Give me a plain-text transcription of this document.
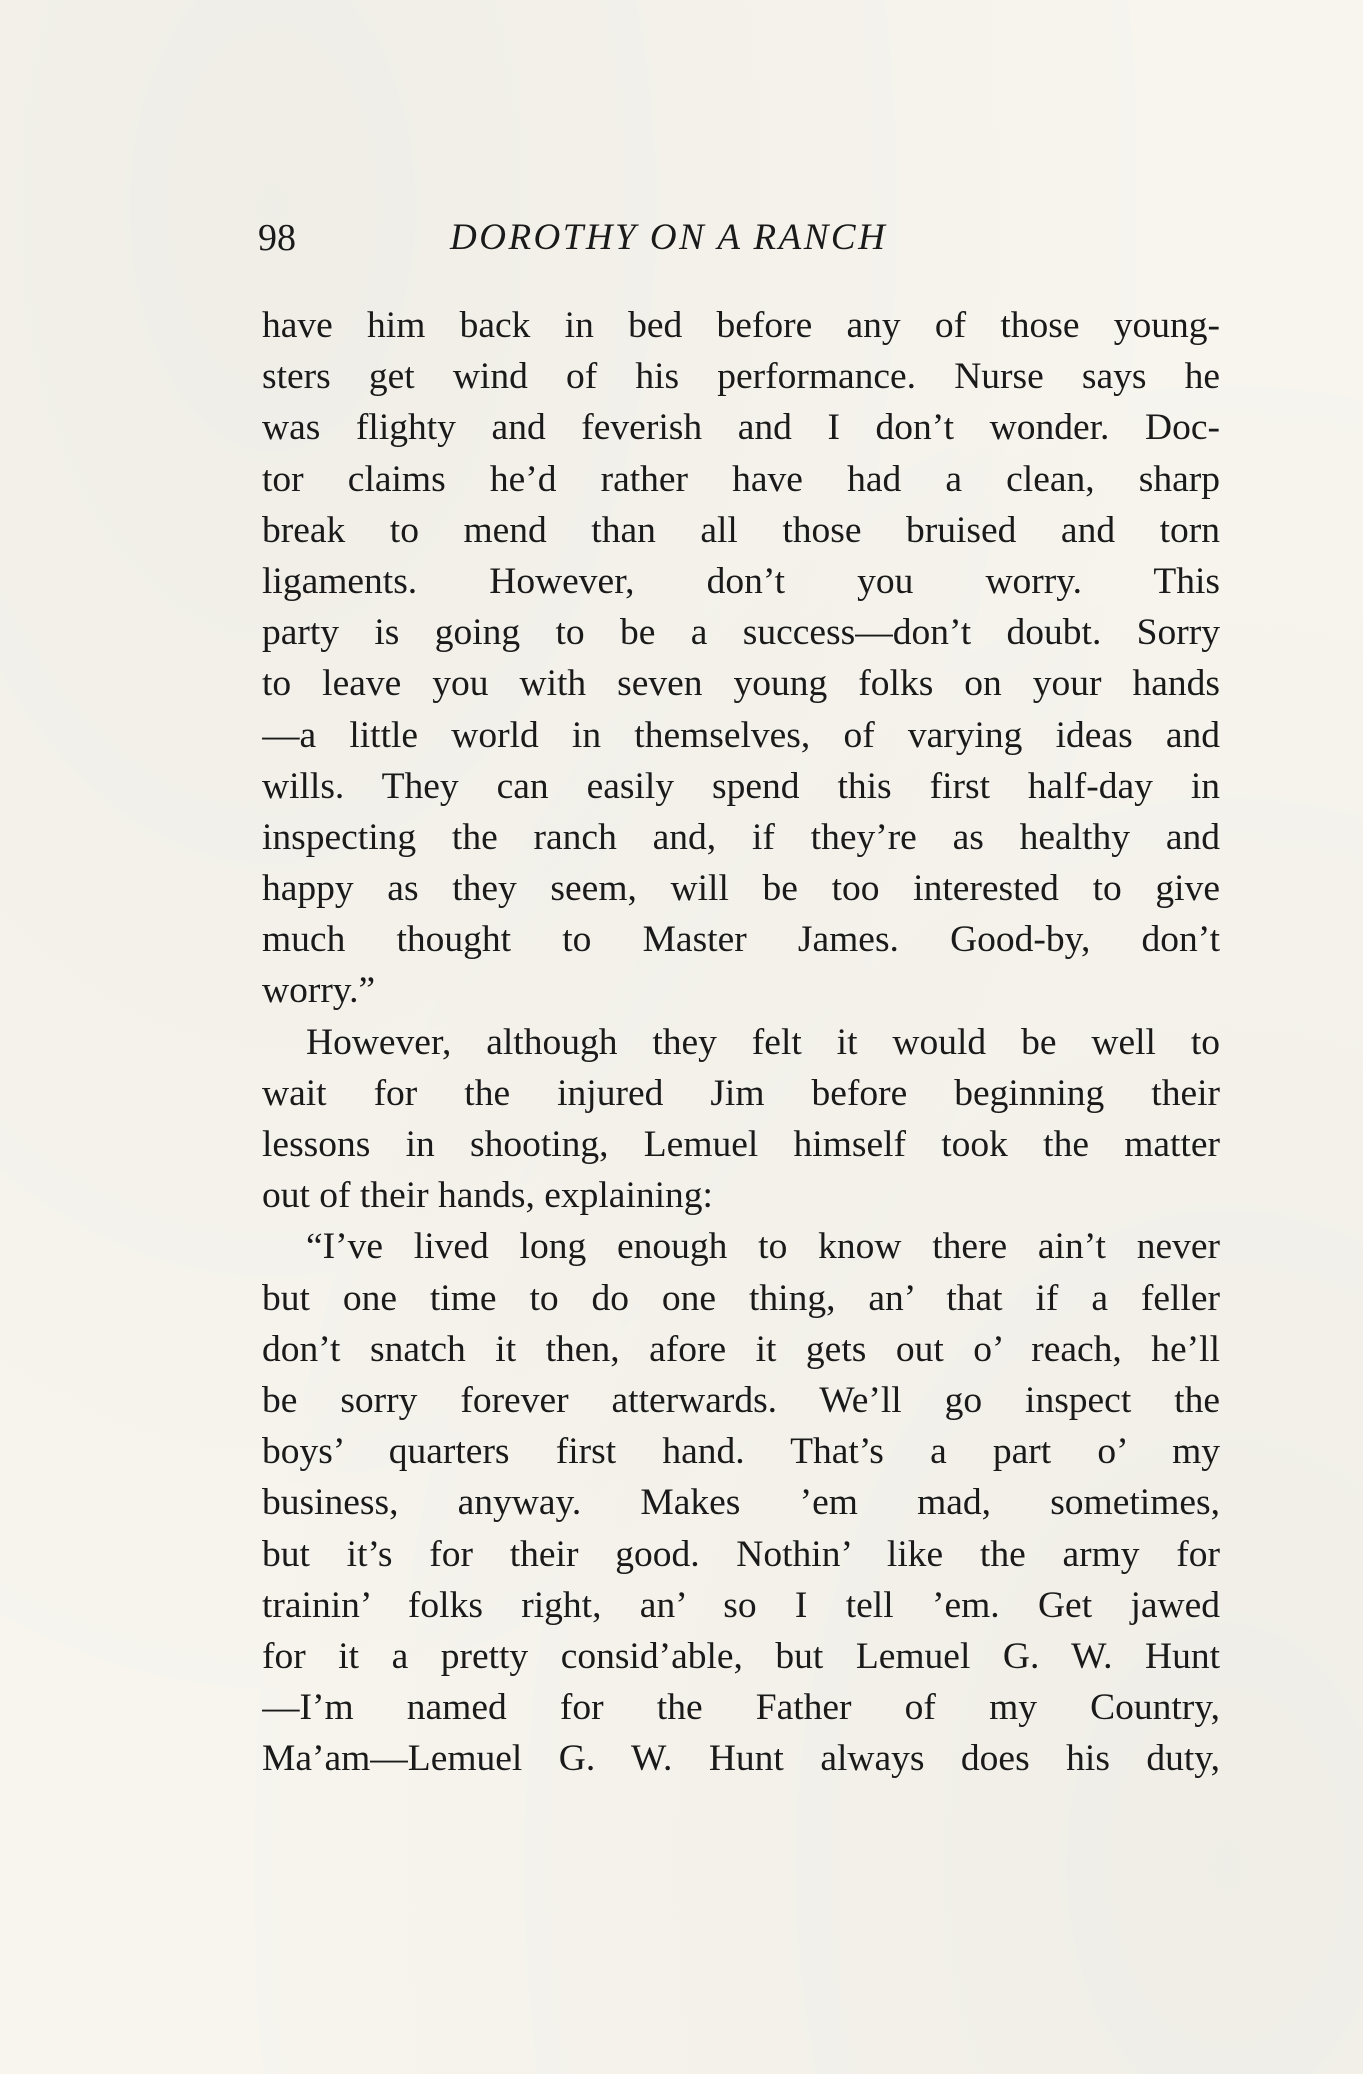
98	DOROTHY ON A RANCH
have him back in bed before any of those young-
sters get wind of his performance. Nurse says he
was flighty and feverish and I don’t wonder. Doc-
tor claims he’d rather have had a clean, sharp
break to mend than all those bruised and torn
ligaments. However, don’t you worry. This
party is going to be a success—don’t doubt. Sorry
to leave you with seven young folks on your hands
—a little world in themselves, of varying ideas and
wills. They can easily spend this first half-day in
inspecting the ranch and, if they’re as healthy and
happy as they seem, will be too interested to give
much thought to Master James. Good-by, don’t
worry.”
However, although they felt it would be well to
wait for the injured Jim before beginning their
lessons in shooting, Lemuel himself took the matter
out of their hands, explaining:
“I’ve lived long enough to know there ain’t never
but one time to do one thing, an’ that if a feller
don’t snatch it then, afore it gets out o’ reach, he’ll
be sorry forever atterwards. We’ll go inspect the
boys’ quarters first hand. That’s a part o’ my
business, anyway. Makes ’em mad, sometimes,
but it’s for their good. Nothin’ like the army for
trainin’ folks right, an’ so I tell ’em. Get jawed
for it a pretty consid’able, but Lemuel G. W. Hunt
—I’m named for the Father of my Country,
Ma’am—Lemuel G. W. Hunt always does his duty,
